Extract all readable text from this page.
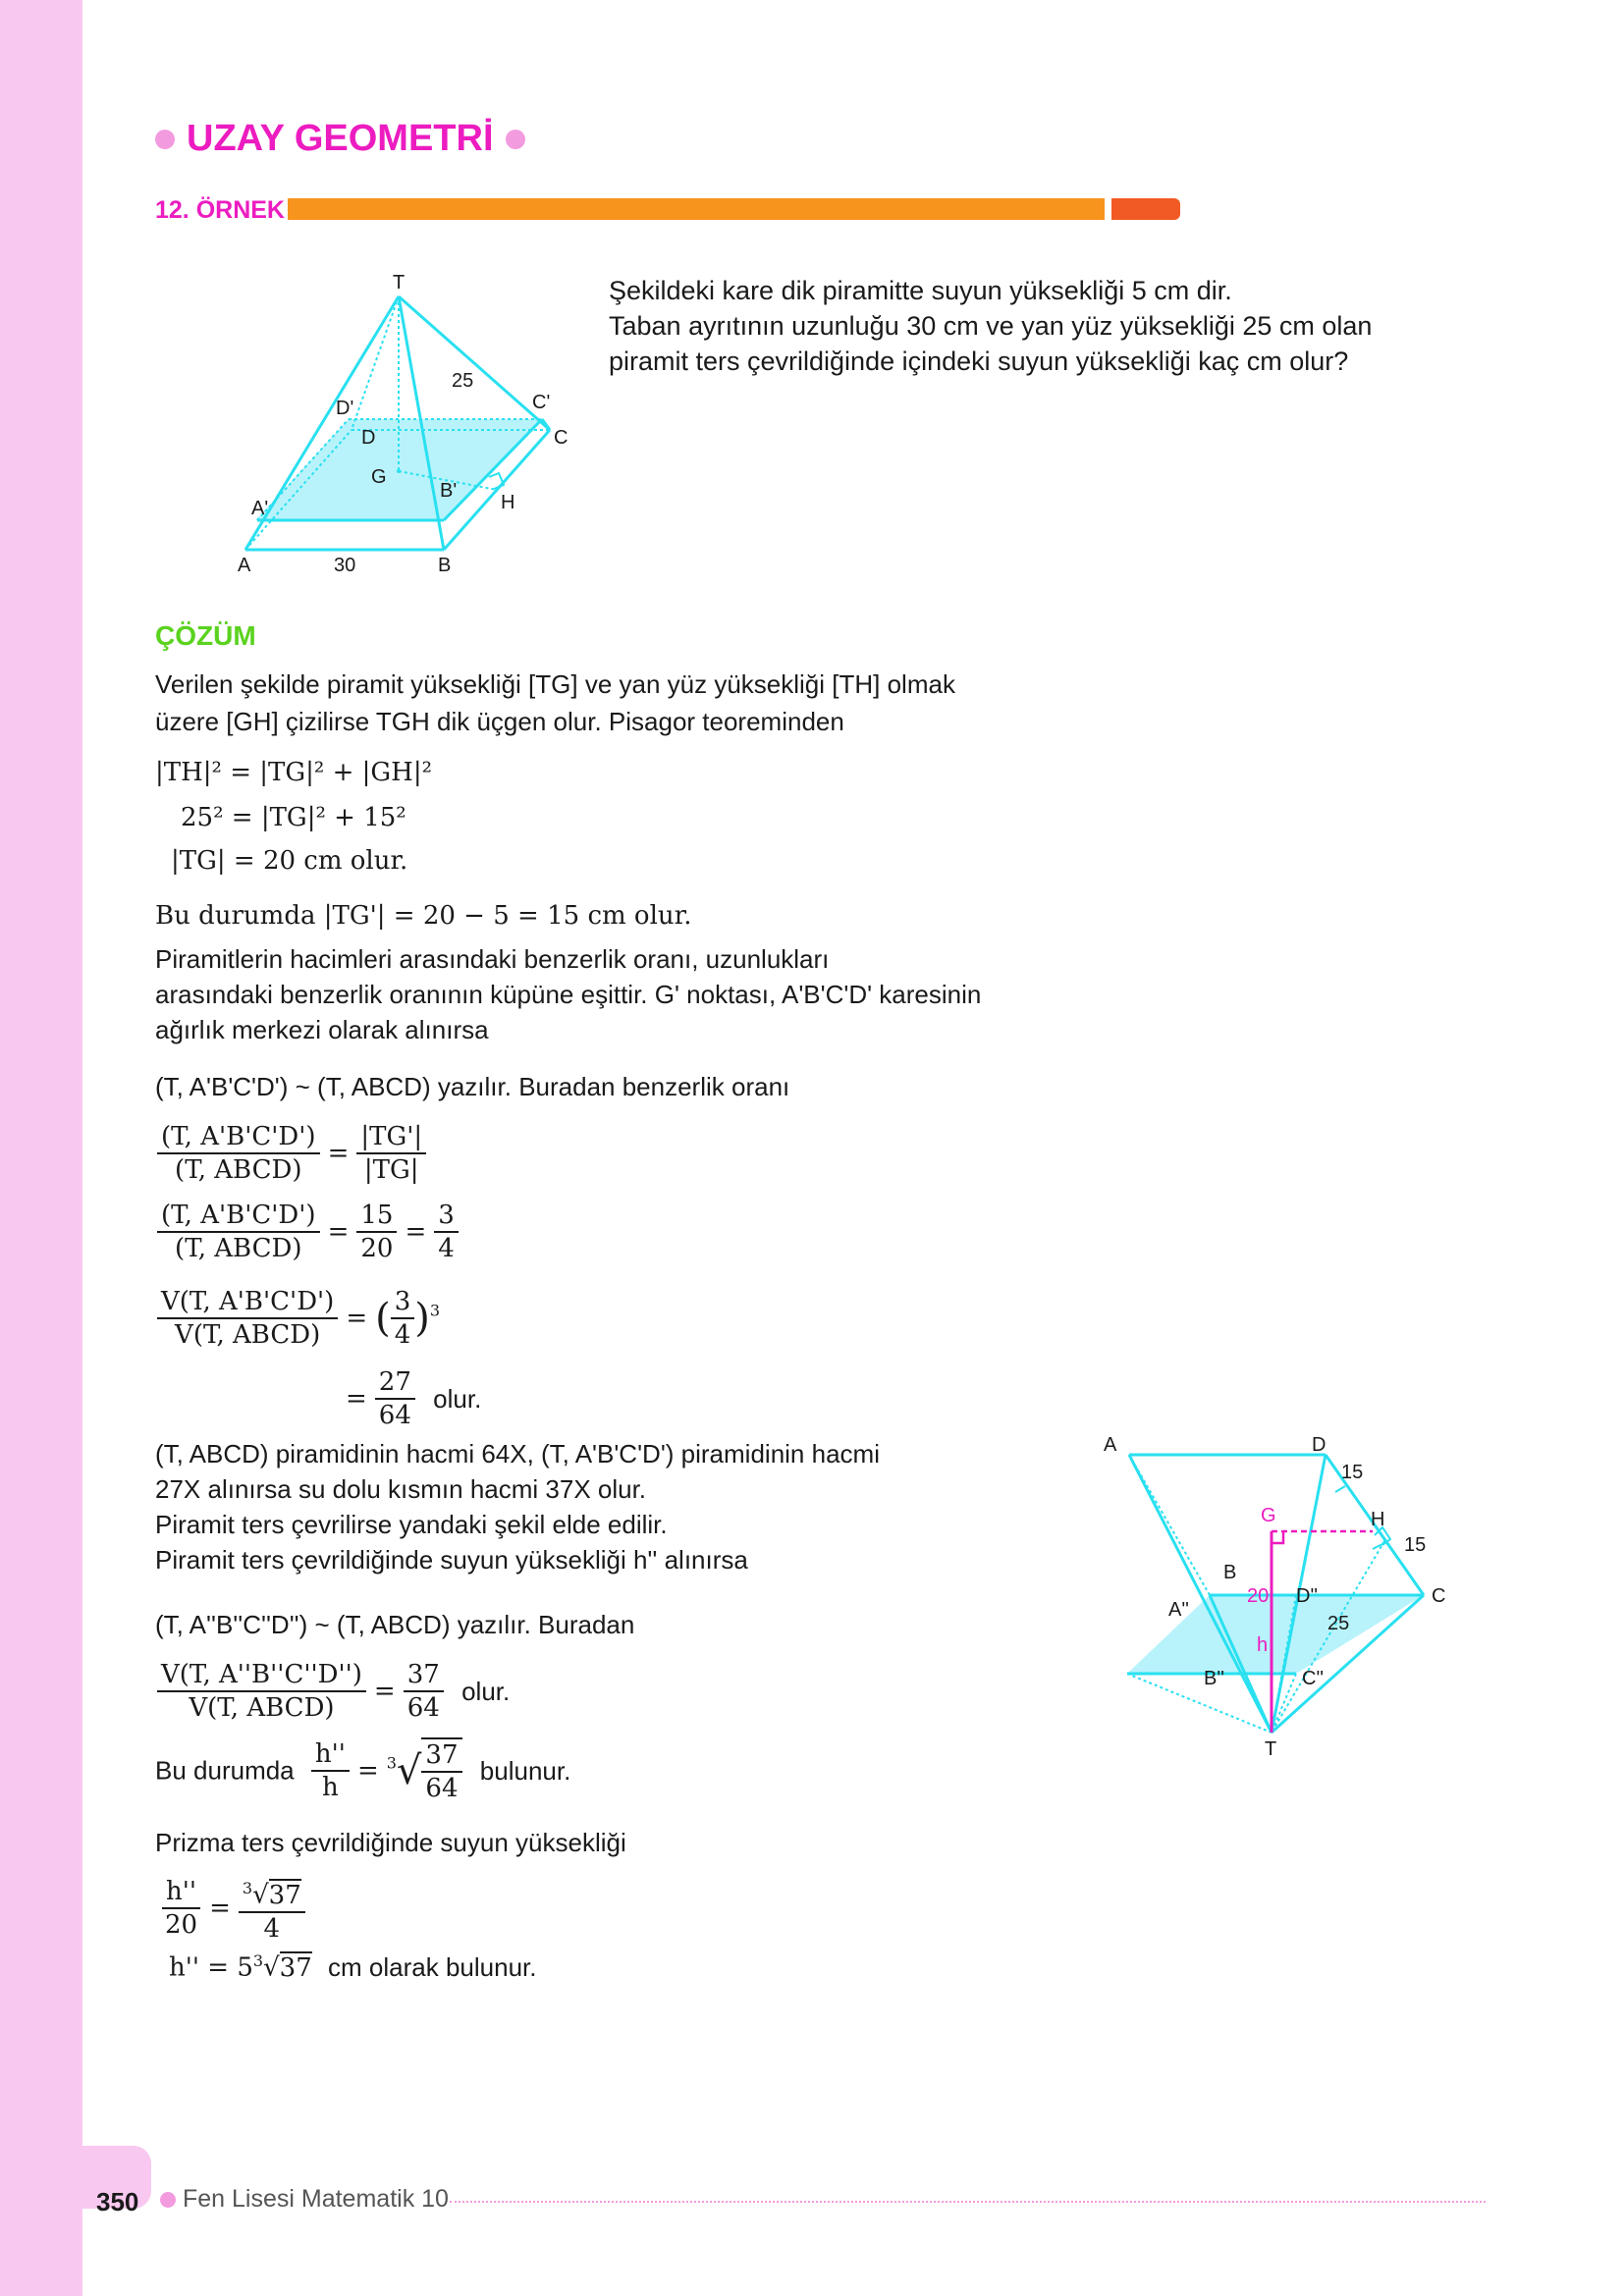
UZAY GEOMETRİ
12. ÖRNEK
T
D'	C'
D	C
G
B'
H
A'
A	B
30
25
Şekildeki kare dik piramitte suyun yüksekliği 5 cm dir.
Taban ayrıtının uzunluğu 30 cm ve yan yüz yüksekliği 25 cm olan
piramit ters çevrildiğinde içindeki suyun yüksekliği kaç cm olur?
ÇÖZÜM
Verilen şekilde piramit yüksekliği [TG] ve yan yüz yüksekliği [TH] olmak
üzere [GH] çizilirse TGH dik üçgen olur. Pisagor teoreminden
|TH|² = |TG|² + |GH|²
25² = |TG|² + 15²
|TG| = 20 cm olur.
Bu durumda |TG'| = 20 − 5 = 15 cm olur.
Piramitlerin hacimleri arasındaki benzerlik oranı, uzunlukları
arasındaki benzerlik oranının küpüne eşittir. G' noktası, A'B'C'D' karesinin
ağırlık merkezi olarak alınırsa
(T, A'B'C'D') ~ (T, ABCD) yazılır. Buradan benzerlik oranı
$\frac{(T, A'B'C'D')}{\text{(T, ABCD)}} = \frac{|TG'|}{|TG|}$
$\frac{(T, A'B'C'D')}{\text{(T, ABCD)}} = \frac{15}{20} = \frac{3}{4}$
$\frac{V(T, A'B'C'D')}{\text{V(T, ABCD)}}$ = ( $\frac{3}{4} )^3$
= $\frac{27}{64}$ olur.
(T, ABCD) piramidinin hacmi 64X, (T, A'B'C'D') piramidinin hacmi
27X alınırsa su dolu kısmın hacmi 37X olur.
Piramit ters çevrilirse yandaki şekil elde edilir.
Piramit ters çevrildiğinde suyun yüksekliği h'' alınırsa
(T, A''B''C''D'') ~ (T, ABCD) yazılır. Buradan
$\frac{V(T, A''B''C''D'')}{\text{V(T, ABCD)}} = \frac{37}{64}$ olur.
Bu durumda $\frac{h''}{h} = ^3√ \frac{37}{64}$ bulunur.
Prizma ters çevrildiğinde suyun yüksekliği
$\frac{h''}{20} = \frac{^3√37}{4}$
$h'' = 5^3√37$ cm olarak bulunur.
A	D
15
H
15
B
C
A''
D''
25
B''	C''
T
G
20
h
350 Fen Lisesi Matematik 10
